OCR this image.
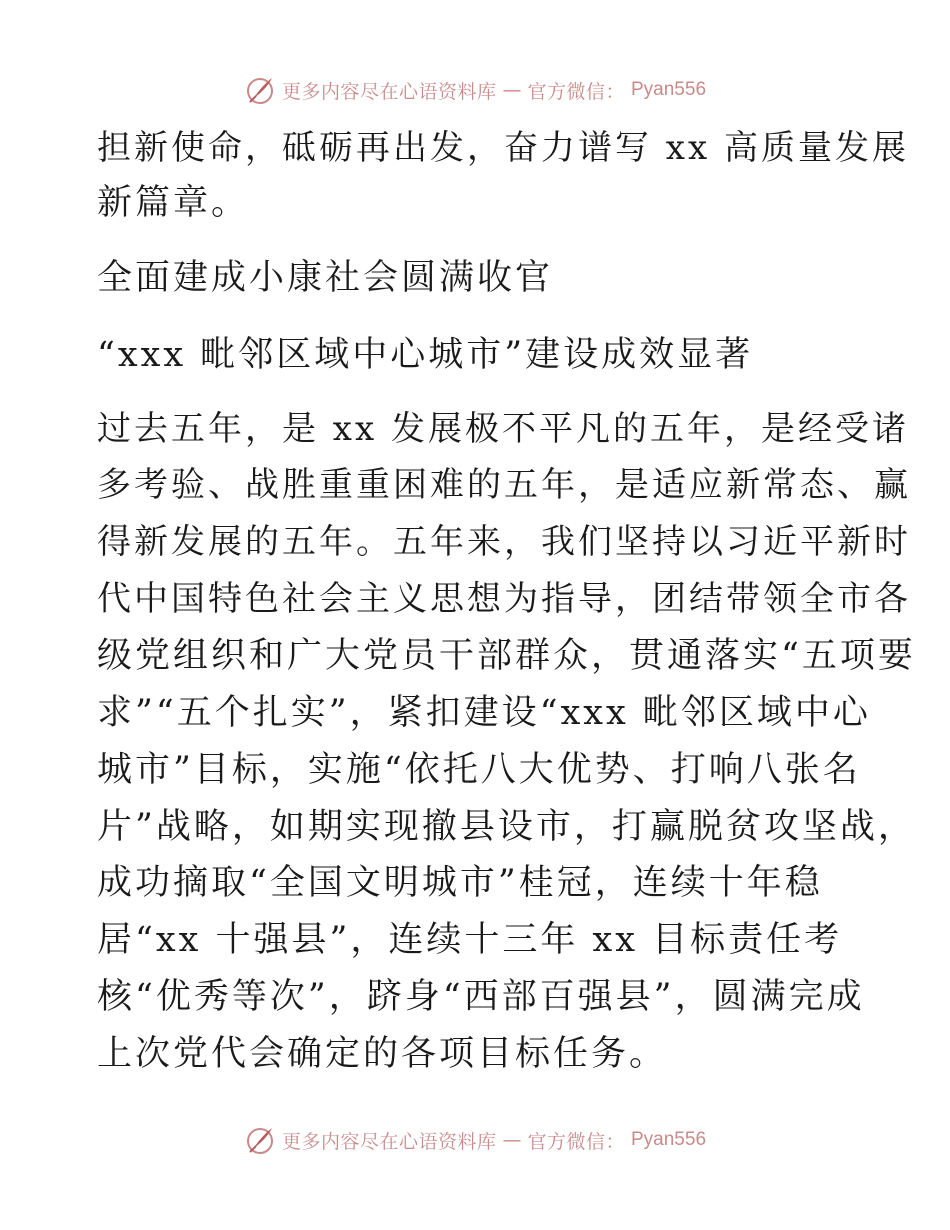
更多内容尽在心语资料库 — 官方微信： Pyan556
担新使命，砥砺再出发，奋力谱写 xx 高质量发展
新篇章。
全面建成小康社会圆满收官
“xxx 毗邻区域中心城市”建设成效显著
过去五年，是 xx 发展极不平凡的五年，是经受诸
多考验、战胜重重困难的五年，是适应新常态、赢
得新发展的五年。五年来，我们坚持以习近平新时
代中国特色社会主义思想为指导，团结带领全市各
级党组织和广大党员干部群众，贯通落实“五项要
求”“五个扎实”，紧扣建设“xxx 毗邻区域中心
城市”目标，实施“依托八大优势、打响八张名
片”战略，如期实现撤县设市，打赢脱贫攻坚战，
成功摘取“全国文明城市”桂冠，连续十年稳
居“xx 十强县”，连续十三年 xx 目标责任考
核“优秀等次”，跻身“西部百强县”，圆满完成
上次党代会确定的各项目标任务。
更多内容尽在心语资料库 — 官方微信： Pyan556
